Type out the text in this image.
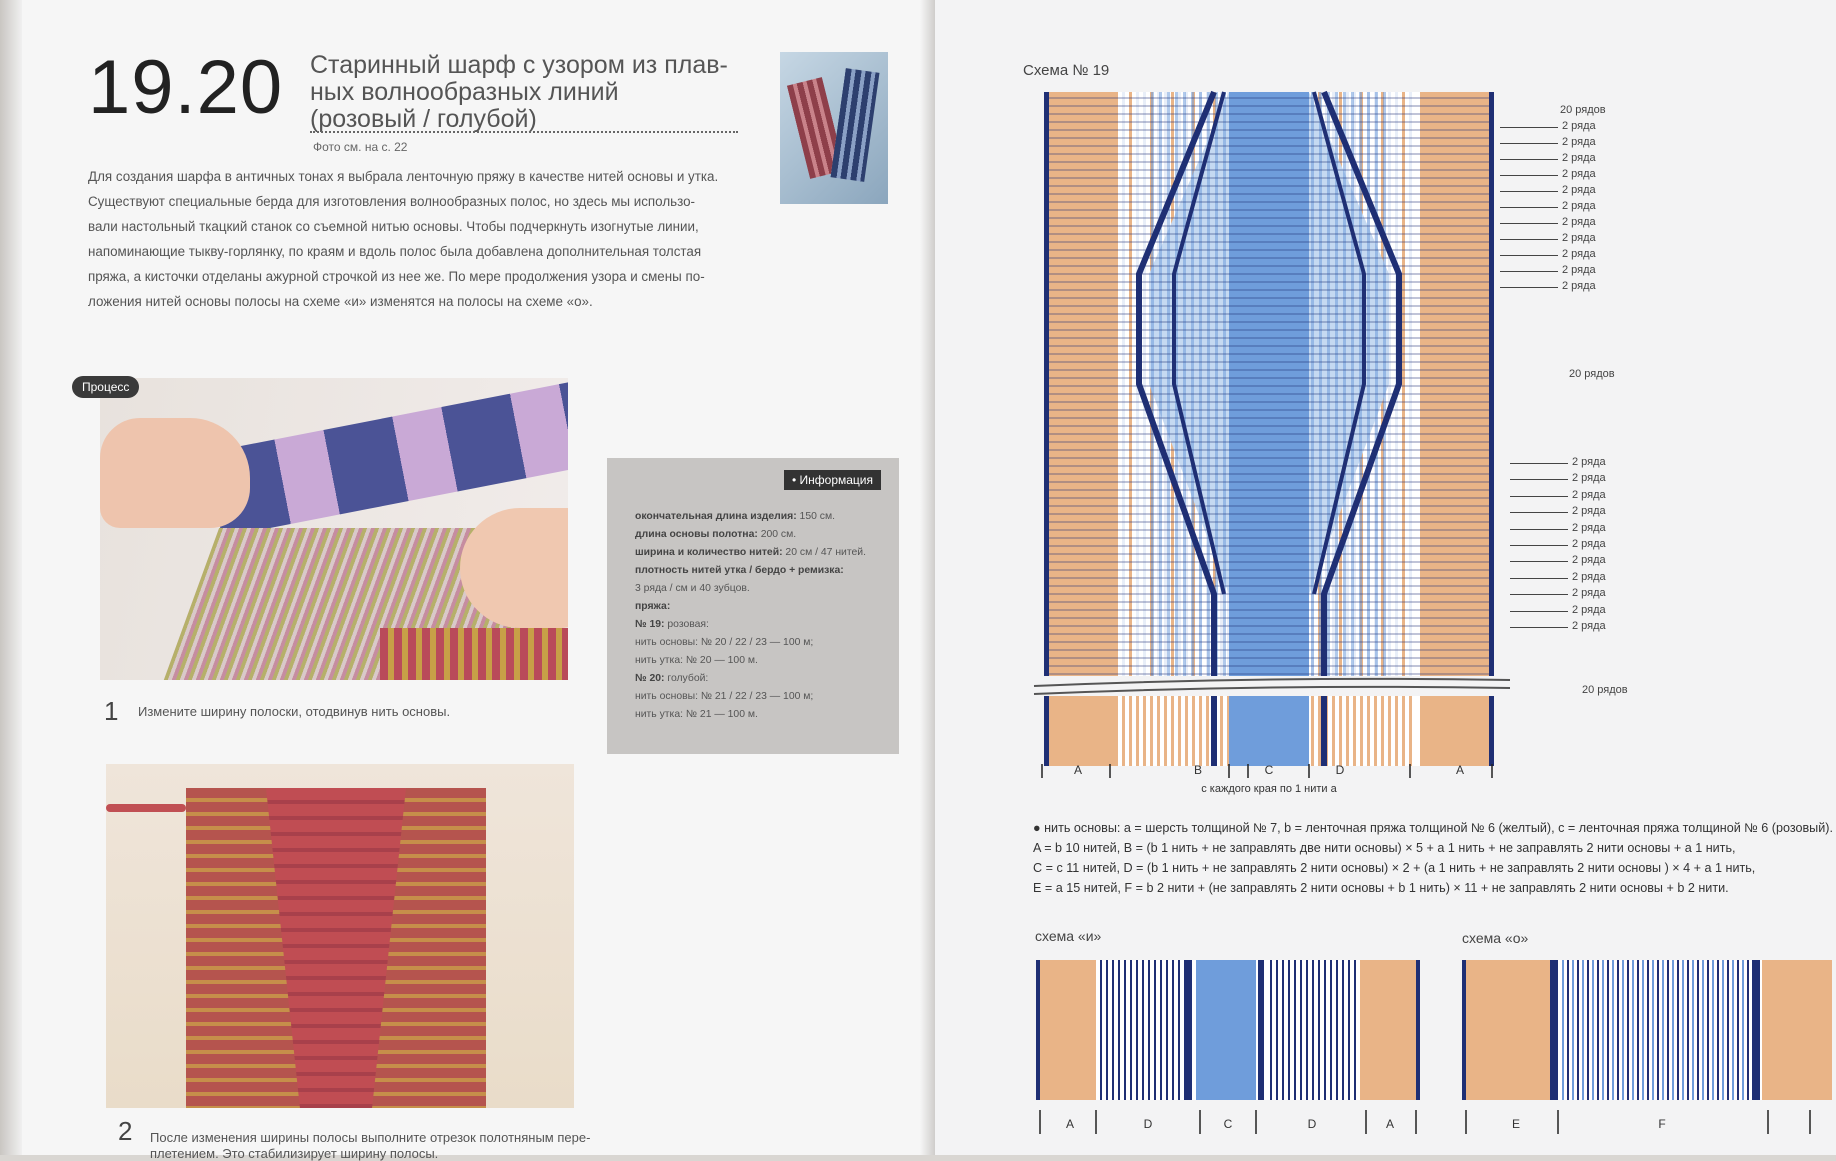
19.20 Старинный шарф с узором из плав-
ных волнообразных линий
(розовый / голубой)
Фото см. на с. 22
Для создания шарфа в античных тонах я выбрала ленточную пряжу в качестве нитей основы и утка.
Существуют специальные берда для изготовления волнообразных полос, но здесь мы использо-
вали настольный ткацкий станок со съемной нитью основы. Чтобы подчеркнуть изогнутые линии,
напоминающие тыкву-горлянку, по краям и вдоль полос была добавлена дополнительная толстая
пряжа, а кисточки отделаны ажурной строчкой из нее же. По мере продолжения узора и смены по-
ложения нитей основы полосы на схеме «и» изменятся на полосы на схеме «о».
Процесс
1 Измените ширину полоски, отодвинув нить основы.
2 После изменения ширины полосы выполните отрезок полотняным пере-
плетением. Это стабилизирует ширину полосы.
• Информация
окончательная длина изделия: 150 см.
длина основы полотна: 200 см.
ширина и количество нитей: 20 см / 47 нитей.
плотность нитей утка / бердо + ремизка:
3 ряда / см и 40 зубцов.
пряжа:
№ 19: розовая:
нить основы: № 20 / 22 / 23 — 100 м;
нить утка: № 20 — 100 м.
№ 20: голубой:
нить основы: № 21 / 22 / 23 — 100 м;
нить утка: № 21 — 100 м.
Схема № 19
A	B	C	D	A
с каждого края по 1 нити а
20 рядов
2 ряда
2 ряда
2 ряда
2 ряда
2 ряда
2 ряда
2 ряда
2 ряда
2 ряда
2 ряда
2 ряда
20 рядов
2 ряда
2 ряда
2 ряда
2 ряда
2 ряда
2 ряда
2 ряда
2 ряда
2 ряда
2 ряда
2 ряда
20 рядов

● нить основы: a = шерсть толщиной № 7, b = ленточная пряжа толщиной № 6 (желтый), c = ленточная пряжа толщиной № 6 (розовый).

A = b 10 нитей, B = (b 1 нить + не заправлять две нити основы) × 5 + a 1 нить + не заправлять 2 нити основы + a 1 нить,

C = c 11 нитей, D = (b 1 нить + не заправлять 2 нити основы) × 2 + (a 1 нить + не заправлять 2 нити основы ) × 4 + a 1 нить,

E = a 15 нитей, F = b 2 нити + (не заправлять 2 нити основы + b 1 нить) × 11 + не заправлять 2 нити основы + b 2 нити.

схема «и»
A	D	C	D	A
схема «о»
E	F
